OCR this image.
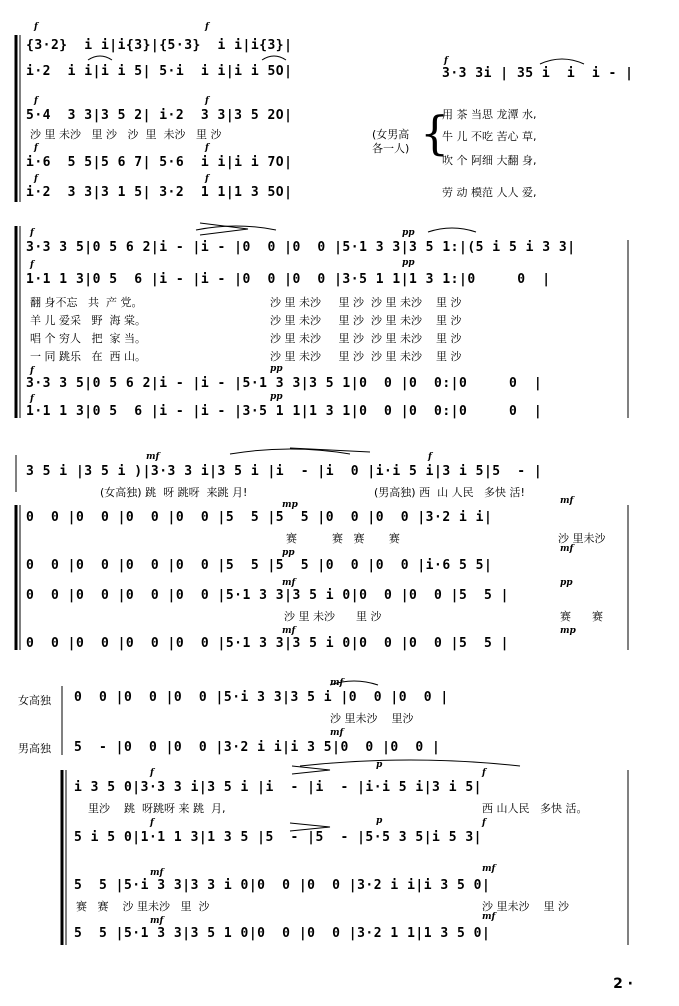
f	f
{3·2}  i i|i{3}|{5·3}  i i|i{3}|
i·2  i i|i i 5| 5·i  i i|i i 5O|
f
3·3 3i | 35 i  i  i - |
f	f
5·4  3 3|3 5 2| i·2  3 3|3 5 2O|
沙 里 未沙   里 沙   沙  里  未沙   里 沙	(女男高
各一人) {
用 茶 当思 龙潭 水,
牛 儿 不吃 苦心 草,
吹 个 阿细 大翻 身,
劳 动 模范 人人 爱,
f	f
i·6  5 5|5 6 7| 5·6  i i|i i 7O|
f	f
i·2  3 3|3 1 5| 3·2  1 1|1 3 5O|
f	pp
3·3 3 5|0 5 6 2|i - |i - |0  0 |0  0 |5·1 3 3|3 5 1:|(5 i 5 i 3 3|
f	pp
1·1 1 3|0 5  6 |i - |i - |0  0 |0  0 |3·5 1 1|1 3 1:|0     0  |
翻 身不忘   共  产 党。
羊 儿 爱采   野  海 棠。
唱 个 穷人   把  家 当。
一 同 跳乐   在  西 山。
沙 里 未沙     里 沙  沙 里 未沙    里 沙
沙 里 未沙     里 沙  沙 里 未沙    里 沙
沙 里 未沙     里 沙  沙 里 未沙    里 沙
沙 里 未沙     里 沙  沙 里 未沙    里 沙
f	pp
3·3 3 5|0 5 6 2|i - |i - |5·1 3 3|3 5 1|0  0 |0  0:|0     0  |
f	pp
1·1 1 3|0 5  6 |i - |i - |3·5 1 1|1 3 1|0  0 |0  0:|0     0  |
mf	f
3 5 i |3 5 i )|3·3 3 i|3 5 i |i  - |i  0 |i·i 5 i|3 i 5|5  - |
(女高独) 跳  呀 跳呀  来跳 月!	(男高独) 西  山 人民   多快 活!
mp	mf
0  0 |0  0 |0  0 |0  0 |5  5 |5  5 |0  0 |0  0 |3·2 i i|
赛          赛   赛       赛	沙 里未沙
pp	mf
0  0 |0  0 |0  0 |0  0 |5  5 |5  5 |0  0 |0  0 |i·6 5 5|
mf	pp
0  0 |0  0 |0  0 |0  0 |5·1 3 3|3 5 i 0|0  0 |0  0 |5  5 |
沙 里 未沙      里 沙	赛      赛
mf	mp
0  0 |0  0 |0  0 |0  0 |5·1 3 3|3 5 i 0|0  0 |0  0 |5  5 |
女高独
mf
0  0 |0  0 |0  0 |5·i 3 3|3 5 i |0  0 |0  0 |
沙 里未沙    里沙
男高独
mf
5  - |0  0 |0  0 |3·2 i i|i 3 5|0  0 |0  0 |
f
p
f
i 3 5 0|3·3 3 i|3 5 i |i  - |i  - |i·i 5 i|3 i 5|
里沙    跳  呀跳呀 来 跳  月,	西 山人民   多快 活。
f	p	f
5 i 5 0|1·1 1 3|1 3 5 |5  - |5  - |5·5 3 5|i 5 3|
mf	mf
5  5 |5·i 3 3|3 3 i 0|0  0 |0  0 |3·2 i i|i 3 5 0|
赛   赛    沙 里未沙   里  沙	沙 里未沙    里 沙
mf	mf
5  5 |5·1 3 3|3 5 1 0|0  0 |0  0 |3·2 1 1|1 3 5 0|
2 ·
